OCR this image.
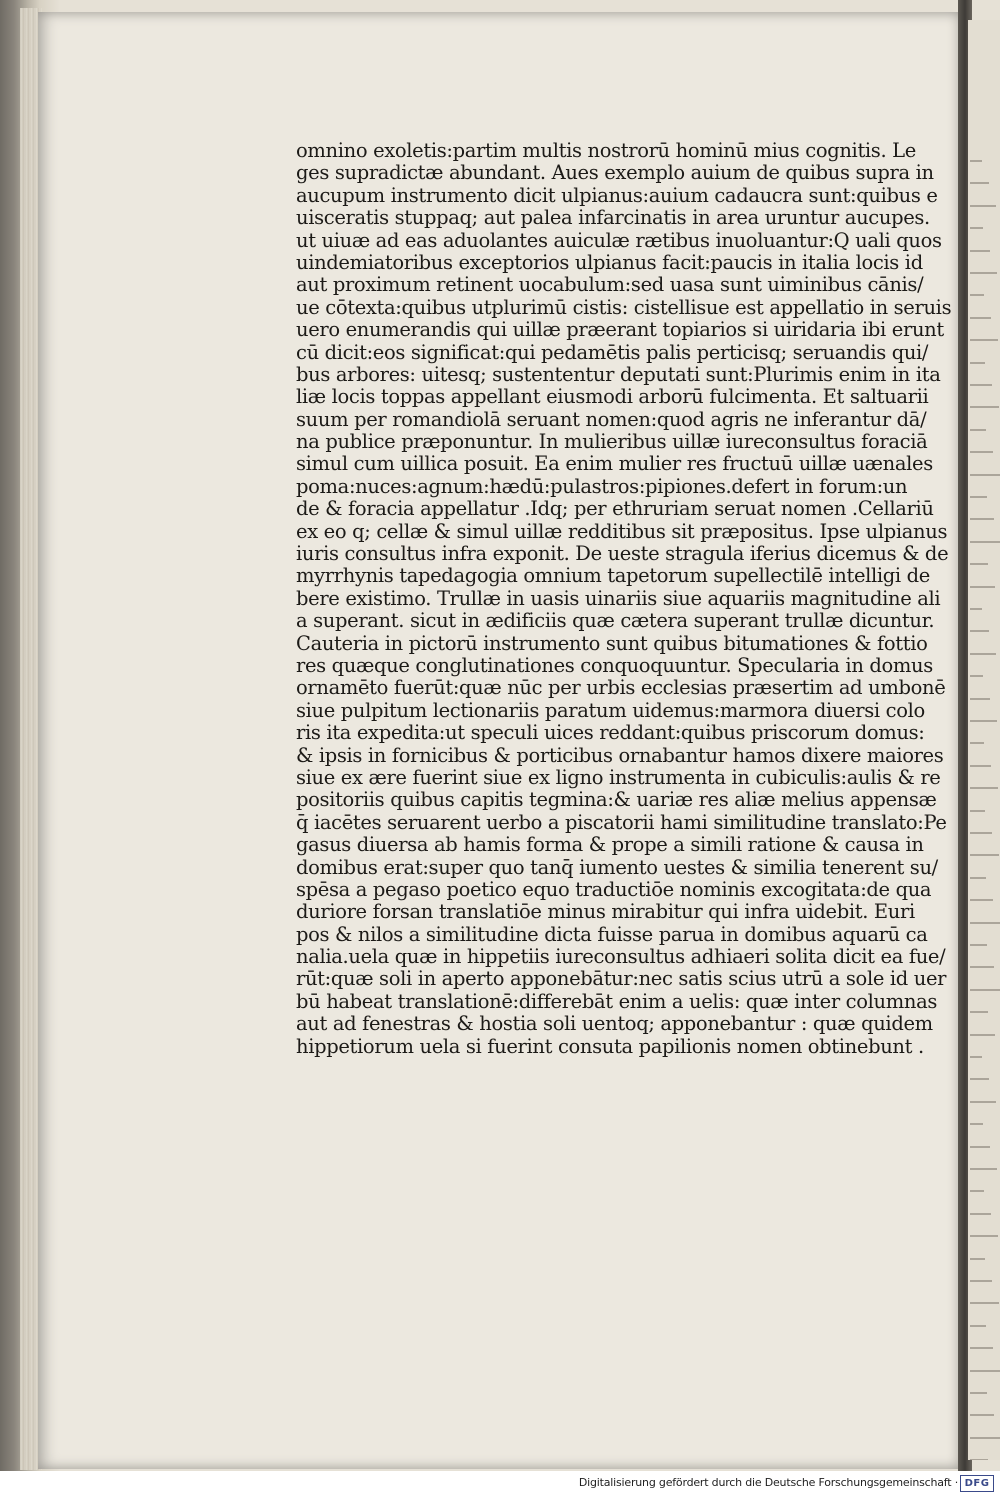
omnino exoletis:partim multis nostrorū hominū mius cognitis. Le
ges supradictæ abundant. Aues exemplo auium de quibus supra in
aucupum instrumento dicit ulpianus:auium cadaucra sunt:quibus e
uisceratis stuppaq; aut palea infarcinatis in area uruntur aucupes.
ut uiuæ ad eas aduolantes auiculæ rætibus inuoluantur:Q uali quos
uindemiatoribus exceptorios ulpianus facit:paucis in italia locis id
aut proximum retinent uocabulum:sed uasa sunt uiminibus cānis/
ue cōtexta:quibus utplurimū cistis: cistellisue est appellatio in seruis
uero enumerandis qui uillæ præerant topiarios si uiridaria ibi erunt
cū dicit:eos significat:qui pedamētis palis perticisq; seruandis qui/
bus arbores: uitesq; sustententur deputati sunt:Plurimis enim in ita
liæ locis toppas appellant eiusmodi arborū fulcimenta. Et saltuarii
suum per romandiolā seruant nomen:quod agris ne inferantur dā/
na publice præponuntur. In mulieribus uillæ iureconsultus foraciā
simul cum uillica posuit. Ea enim mulier res fructuū uillæ uænales
poma:nuces:agnum:hædū:pulastros:pipiones.defert in forum:un
de & foracia appellatur .Idq; per ethruriam seruat nomen .Cellariū
ex eo q; cellæ & simul uillæ redditibus sit præpositus. Ipse ulpianus
iuris consultus infra exponit. De ueste stragula iferius dicemus & de
myrrhynis tapedagogia omnium tapetorum supellectilē intelligi de
bere existimo. Trullæ in uasis uinariis siue aquariis magnitudine ali
a superant. sicut in ædificiis quæ cætera superant trullæ dicuntur.
Cauteria in pictorū instrumento sunt quibus bitumationes & fottio
res quæque conglutinationes conquoquuntur. Specularia in domus
ornamēto fuerūt:quæ nūc per urbis ecclesias præsertim ad umbonē
siue pulpitum lectionariis paratum uidemus:marmora diuersi colo
ris ita expedita:ut speculi uices reddant:quibus priscorum domus:
& ipsis in fornicibus & porticibus ornabantur hamos dixere maiores
siue ex ære fuerint siue ex ligno instrumenta in cubiculis:aulis & re
positoriis quibus capitis tegmina:& uariæ res aliæ melius appensæ
q̄ iacētes seruarent uerbo a piscatorii hami similitudine translato:Pe
gasus diuersa ab hamis forma & prope a simili ratione & causa in
domibus erat:super quo tanq̄ iumento uestes & similia tenerent su/
spēsa a pegaso poetico equo traductiōe nominis excogitata:de qua
duriore forsan translatiōe minus mirabitur qui infra uidebit. Euri
pos & nilos a similitudine dicta fuisse parua in domibus aquarū ca
nalia.uela quæ in hippetiis iureconsultus adhiaeri solita dicit ea fue/
rūt:quæ soli in aperto apponebātur:nec satis scius utrū a sole id uer
bū habeat translationē:differebāt enim a uelis: quæ inter columnas
aut ad fenestras & hostia soli uentoq; apponebantur : quæ quidem
hippetiorum uela si fuerint consuta papilionis nomen obtinebunt .
Digitalisierung gefördert durch die Deutsche Forschungsgemeinschaft · DFG
